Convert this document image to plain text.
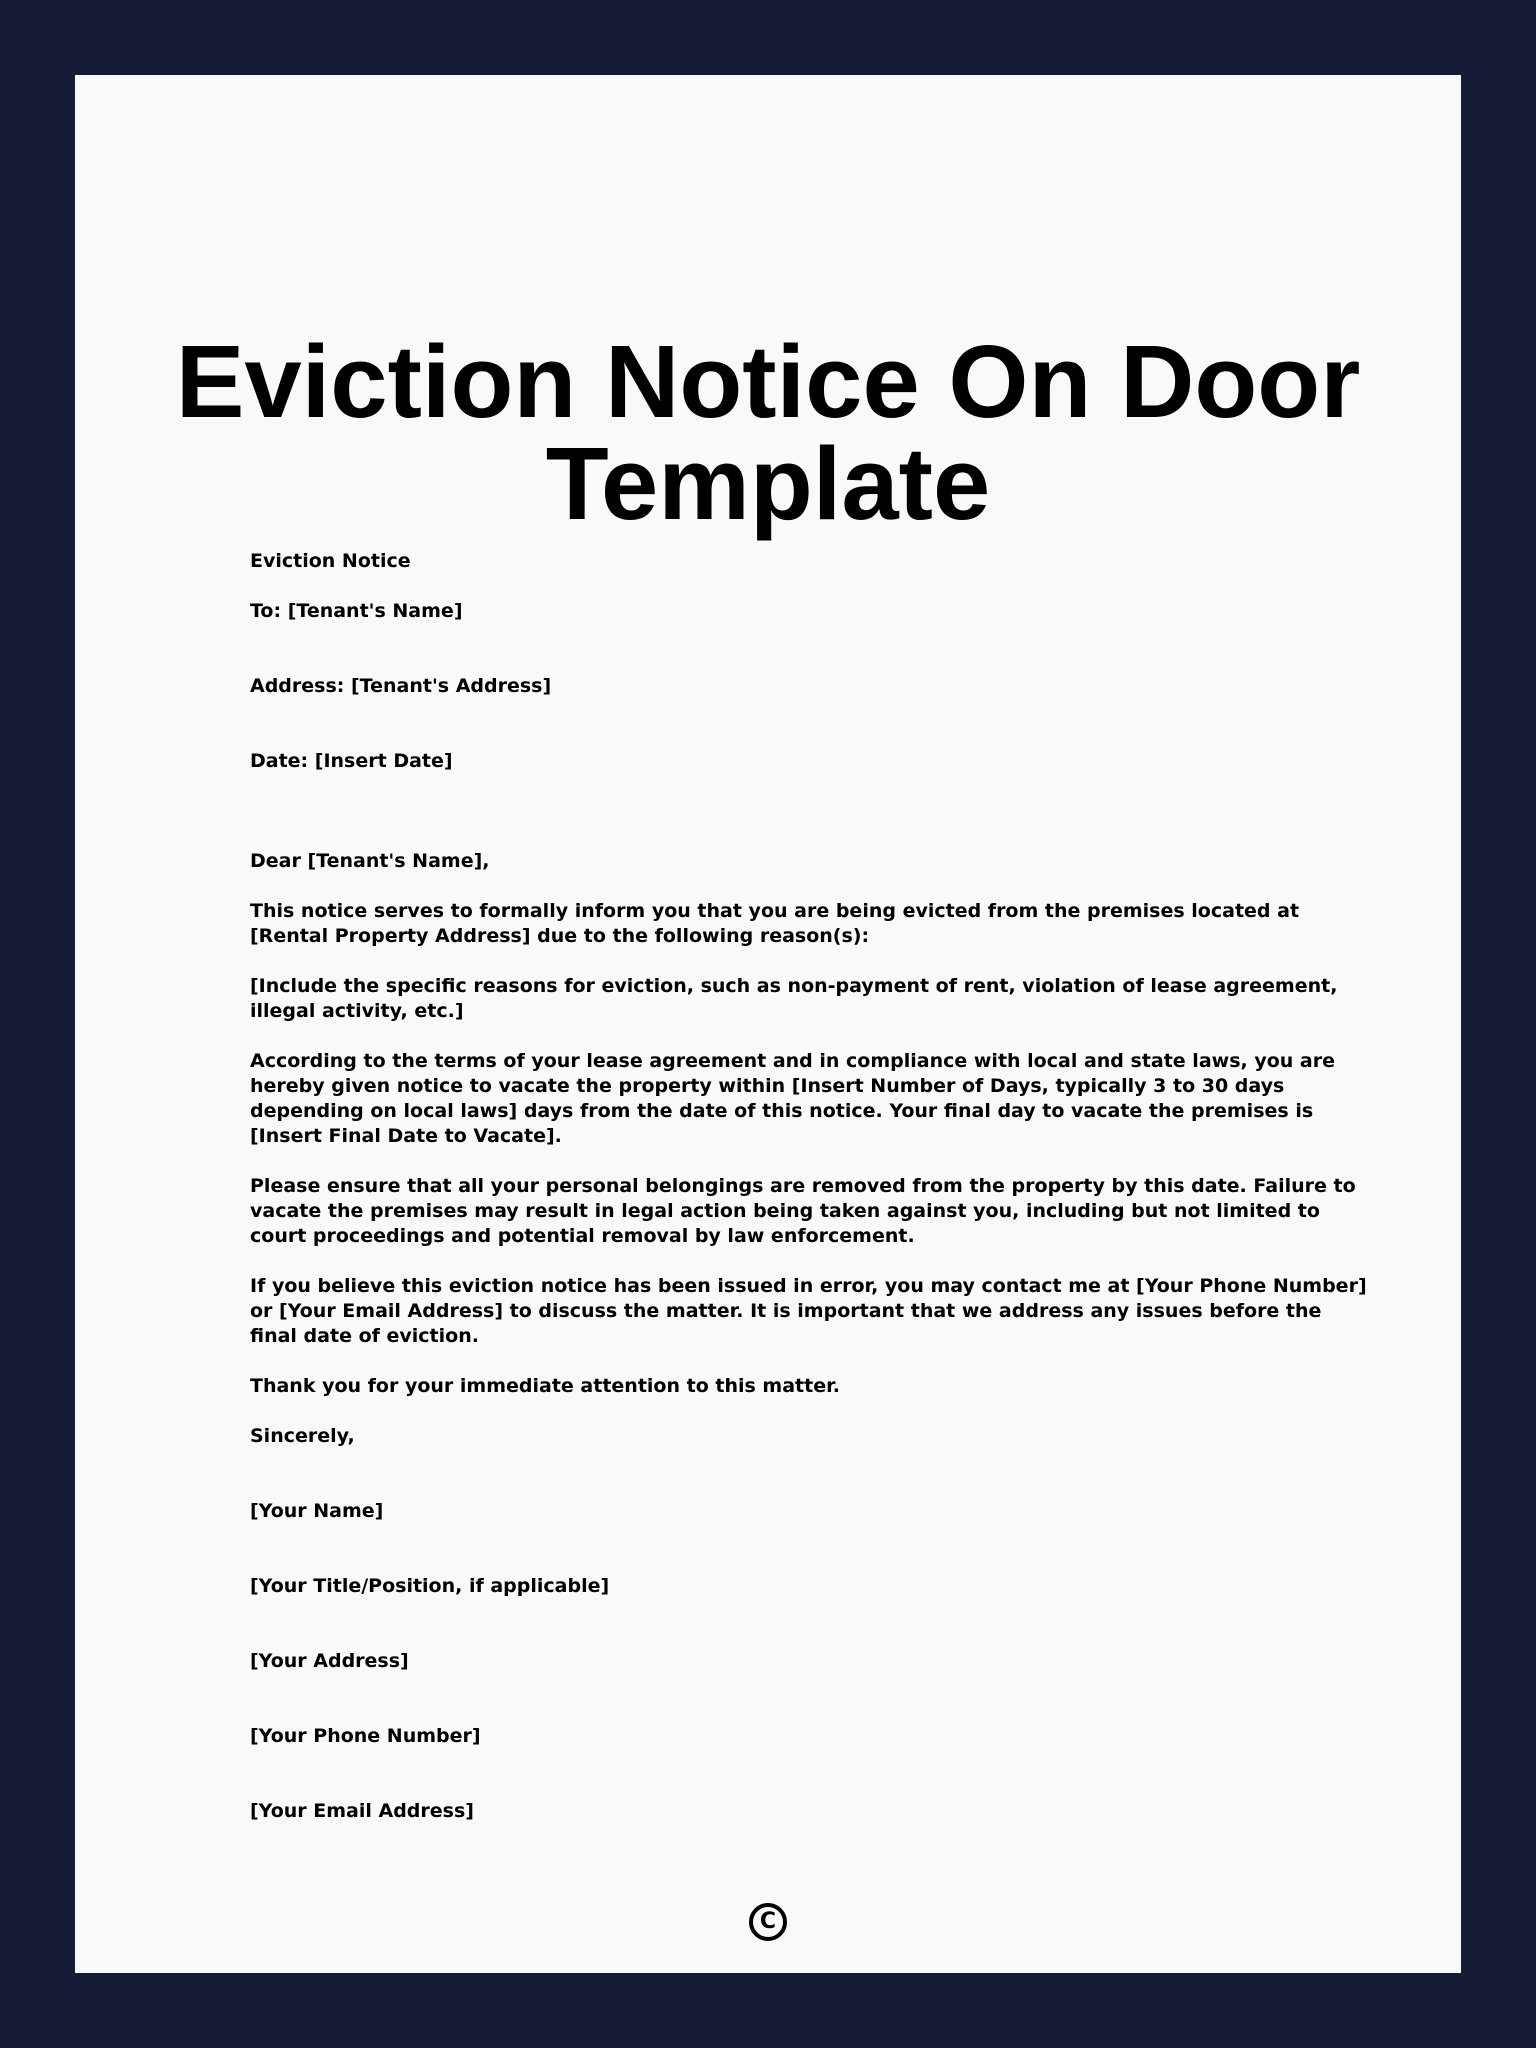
Eviction Notice On Door Template

Eviction Notice

To: [Tenant's Name]

Address: [Tenant's Address]

Date: [Insert Date]

Dear [Tenant's Name],

This notice serves to formally inform you that you are being evicted from the premises located at [Rental Property Address] due to the following reason(s):

[Include the specific reasons for eviction, such as non-payment of rent, violation of lease agreement, illegal activity, etc.]

According to the terms of your lease agreement and in compliance with local and state laws, you are hereby given notice to vacate the property within [Insert Number of Days, typically 3 to 30 days depending on local laws] days from the date of this notice. Your final day to vacate the premises is [Insert Final Date to Vacate].

Please ensure that all your personal belongings are removed from the property by this date. Failure to vacate the premises may result in legal action being taken against you, including but not limited to court proceedings and potential removal by law enforcement.

If you believe this eviction notice has been issued in error, you may contact me at [Your Phone Number] or [Your Email Address] to discuss the matter. It is important that we address any issues before the final date of eviction.

Thank you for your immediate attention to this matter.

Sincerely,

[Your Name]

[Your Title/Position, if applicable]

[Your Address]

[Your Phone Number]

[Your Email Address]

C
